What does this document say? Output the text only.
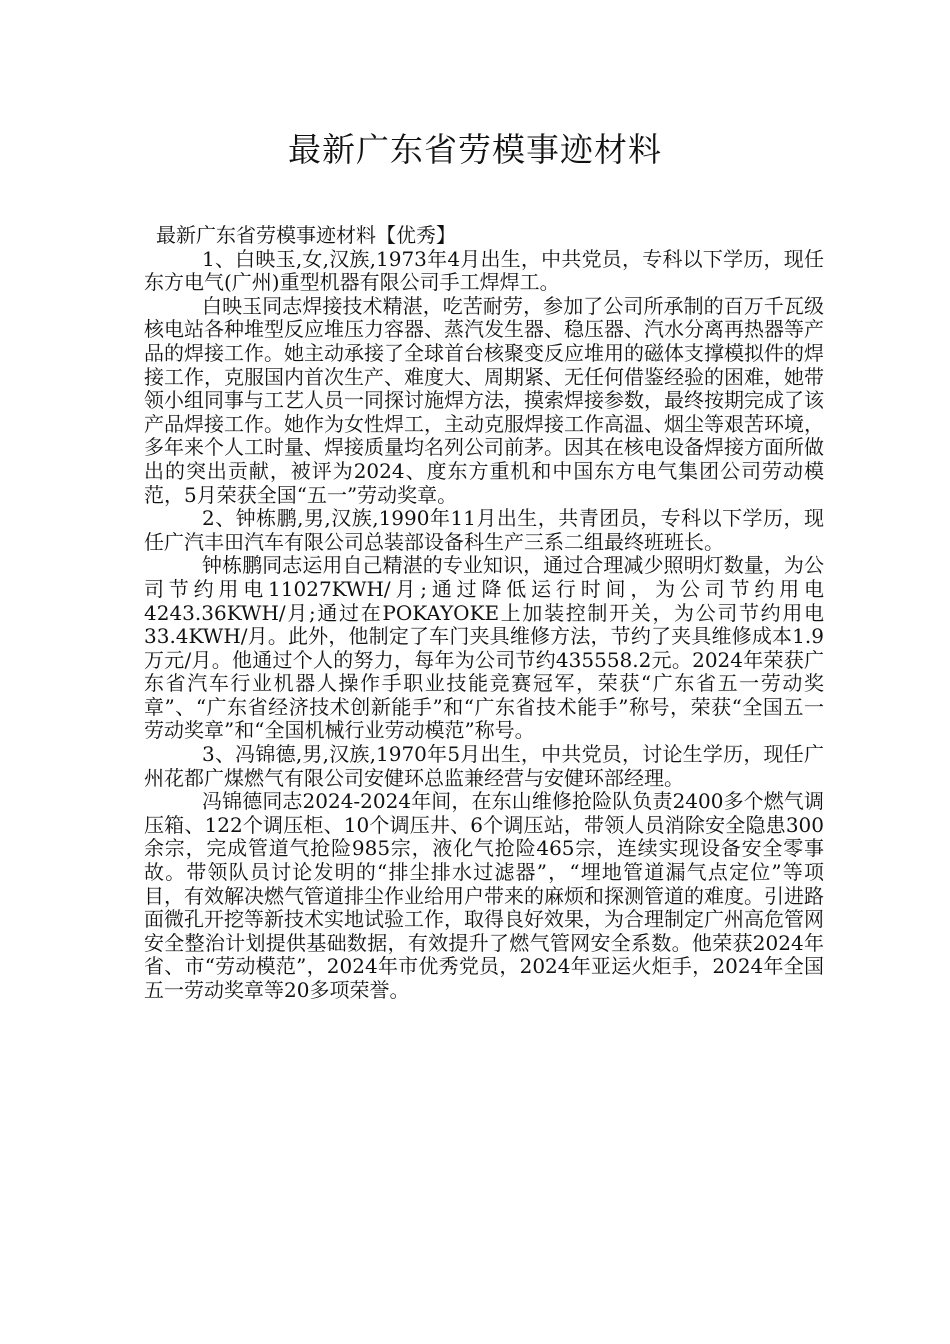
最新广东省劳模事迹材料

最新广东省劳模事迹材料【优秀】

1、白映玉,女,汉族,1973年4月出生，中共党员，专科以下学历，现任东方电气(广州)重型机器有限公司手工焊焊工。

白映玉同志焊接技术精湛，吃苦耐劳，参加了公司所承制的百万千瓦级核电站各种堆型反应堆压力容器、蒸汽发生器、稳压器、汽水分离再热器等产品的焊接工作。她主动承接了全球首台核聚变反应堆用的磁体支撑模拟件的焊接工作，克服国内首次生产、难度大、周期紧、无任何借鉴经验的困难，她带领小组同事与工艺人员一同探讨施焊方法，摸索焊接参数，最终按期完成了该产品焊接工作。她作为女性焊工，主动克服焊接工作高温、烟尘等艰苦环境，多年来个人工时量、焊接质量均名列公司前茅。因其在核电设备焊接方面所做出的突出贡献，被评为2024、度东方重机和中国东方电气集团公司劳动模范，5月荣获全国“五一”劳动奖章。

2、钟栋鹏,男,汉族,1990年11月出生，共青团员，专科以下学历，现任广汽丰田汽车有限公司总装部设备科生产三系二组最终班班长。

钟栋鹏同志运用自己精湛的专业知识，通过合理减少照明灯数量，为公司节约用电11027KWH/月;通过降低运行时间，为公司节约用电4243.36KWH/月;通过在POKAYOKE上加装控制开关，为公司节约用电33.4KWH/月。此外，他制定了车门夹具维修方法，节约了夹具维修成本1.9万元/月。他通过个人的努力，每年为公司节约435558.2元。2024年荣获广东省汽车行业机器人操作手职业技能竞赛冠军，荣获“广东省五一劳动奖章”、“广东省经济技术创新能手”和“广东省技术能手”称号，荣获“全国五一劳动奖章”和“全国机械行业劳动模范”称号。

3、冯锦德,男,汉族,1970年5月出生，中共党员，讨论生学历，现任广州花都广煤燃气有限公司安健环总监兼经营与安健环部经理。

冯锦德同志2024-2024年间，在东山维修抢险队负责2400多个燃气调压箱、122个调压柜、10个调压井、6个调压站，带领人员消除安全隐患300余宗，完成管道气抢险985宗，液化气抢险465宗，连续实现设备安全零事故。带领队员讨论发明的“排尘排水过滤器”，“埋地管道漏气点定位”等项目，有效解决燃气管道排尘作业给用户带来的麻烦和探测管道的难度。引进路面微孔开挖等新技术实地试验工作，取得良好效果，为合理制定广州高危管网安全整治计划提供基础数据，有效提升了燃气管网安全系数。他荣获2024年省、市“劳动模范”，2024年市优秀党员，2024年亚运火炬手，2024年全国五一劳动奖章等20多项荣誉。
